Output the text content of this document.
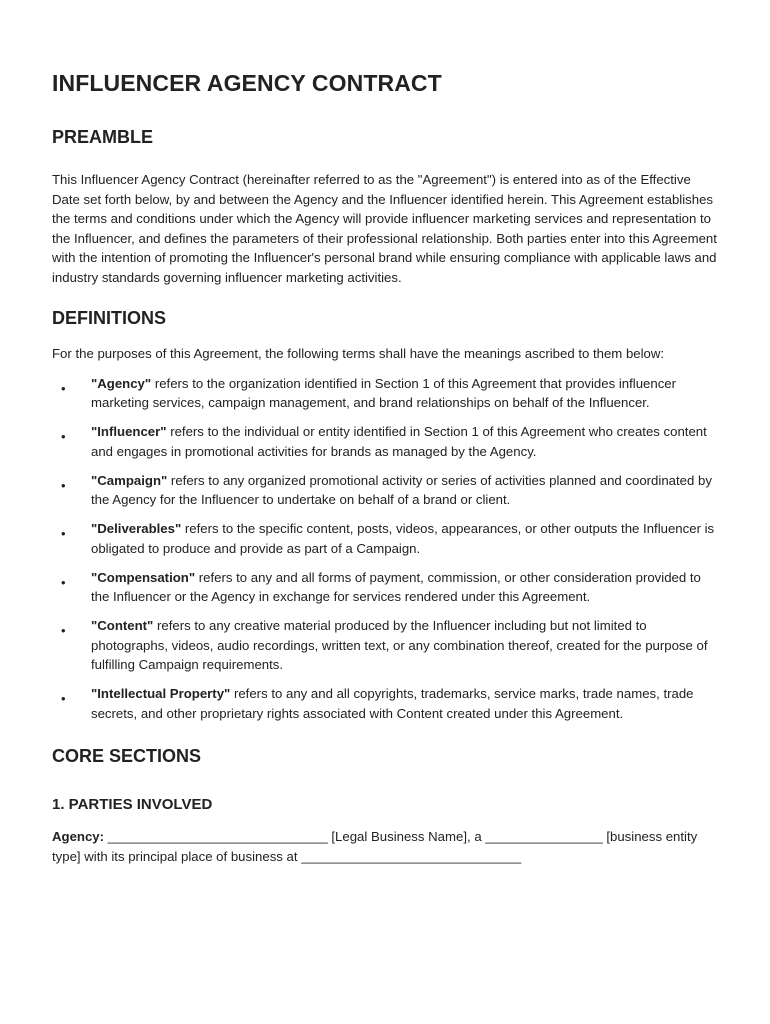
INFLUENCER AGENCY CONTRACT
PREAMBLE

This Influencer Agency Contract (hereinafter referred to as the "Agreement") is entered into as of the Effective Date set forth below, by and between the Agency and the Influencer identified herein. This Agreement establishes the terms and conditions under which the Agency will provide influencer marketing services and representation to the Influencer, and defines the parameters of their professional relationship. Both parties enter into this Agreement with the intention of promoting the Influencer's personal brand while ensuring compliance with applicable laws and industry standards governing influencer marketing activities.

DEFINITIONS

For the purposes of this Agreement, the following terms shall have the meanings ascribed to them below:

• "Agency" refers to the organization identified in Section 1 of this Agreement that provides influencer marketing services, campaign management, and brand relationships on behalf of the Influencer.
• "Influencer" refers to the individual or entity identified in Section 1 of this Agreement who creates content and engages in promotional activities for brands as managed by the Agency.
• "Campaign" refers to any organized promotional activity or series of activities planned and coordinated by the Agency for the Influencer to undertake on behalf of a brand or client.
• "Deliverables" refers to the specific content, posts, videos, appearances, or other outputs the Influencer is obligated to produce and provide as part of a Campaign.
• "Compensation" refers to any and all forms of payment, commission, or other consideration provided to the Influencer or the Agency in exchange for services rendered under this Agreement.
• "Content" refers to any creative material produced by the Influencer including but not limited to photographs, videos, audio recordings, written text, or any combination thereof, created for the purpose of fulfilling Campaign requirements.
• "Intellectual Property" refers to any and all copyrights, trademarks, service marks, trade names, trade secrets, and other proprietary rights associated with Content created under this Agreement.
CORE SECTIONS
1. PARTIES INVOLVED

Agency: ______________________________ [Legal Business Name], a ________________ [business entity type] with its principal place of business at ______________________________
